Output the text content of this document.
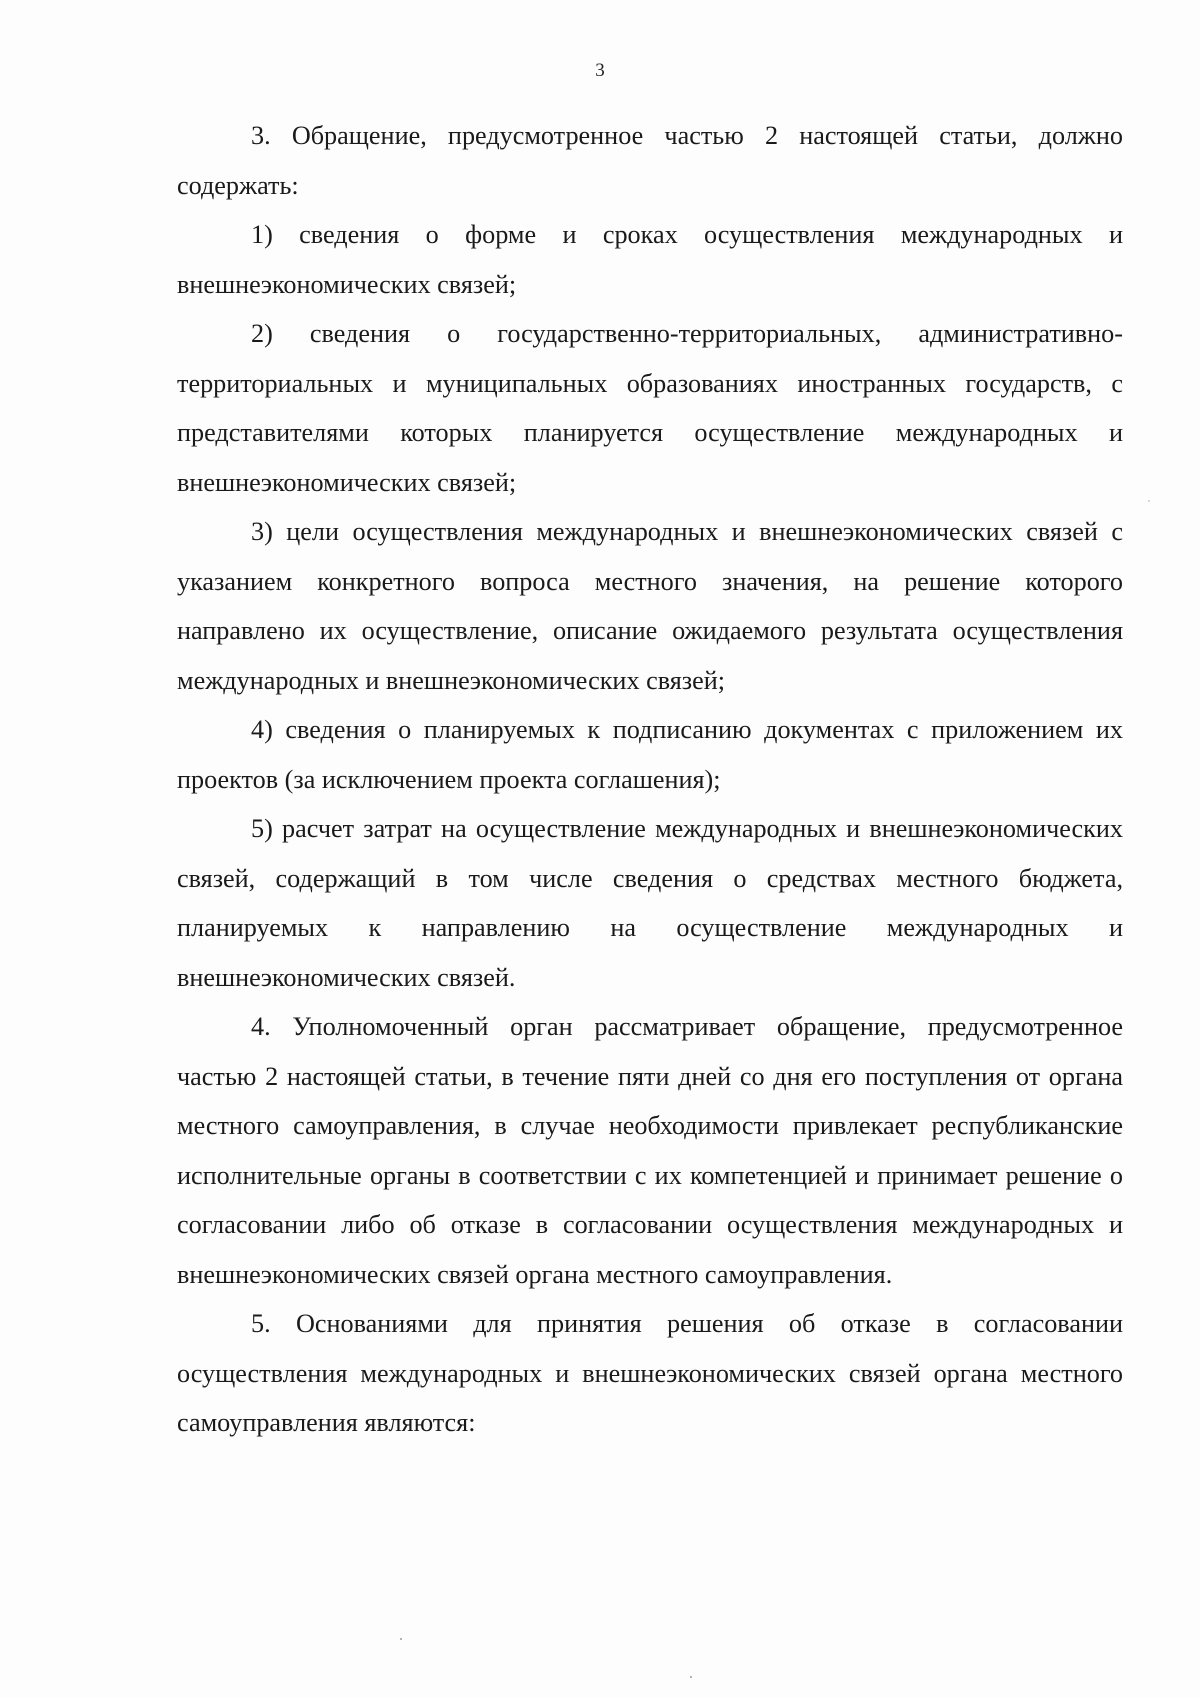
3

3. Обращение, предусмотренное частью 2 настоящей статьи, должно содержать:

1) сведения о форме и сроках осуществления международных и внешнеэкономических связей;

2) сведения о государственно-территориальных, административно-территориальных и муниципальных образованиях иностранных государств, с представителями которых планируется осуществление международных и внешнеэкономических связей;

3) цели осуществления международных и внешнеэкономических связей с указанием конкретного вопроса местного значения, на решение которого направлено их осуществление, описание ожидаемого результата осуществления международных и внешнеэкономических связей;

4) сведения о планируемых к подписанию документах с приложением их проектов (за исключением проекта соглашения);

5) расчет затрат на осуществление международных и внешнеэкономических связей, содержащий в том числе сведения о средствах местного бюджета, планируемых к направлению на осуществление международных и внешнеэкономических связей.

4. Уполномоченный орган рассматривает обращение, предусмотренное частью 2 настоящей статьи, в течение пяти дней со дня его поступления от органа местного самоуправления, в случае необходимости привлекает республиканские исполнительные органы в соответствии с их компетенцией и принимает решение о согласовании либо об отказе в согласовании осуществления международных и внешнеэкономических связей органа местного самоуправления.

5. Основаниями для принятия решения об отказе в согласовании осуществления международных и внешнеэкономических связей органа местного самоуправления являются:
